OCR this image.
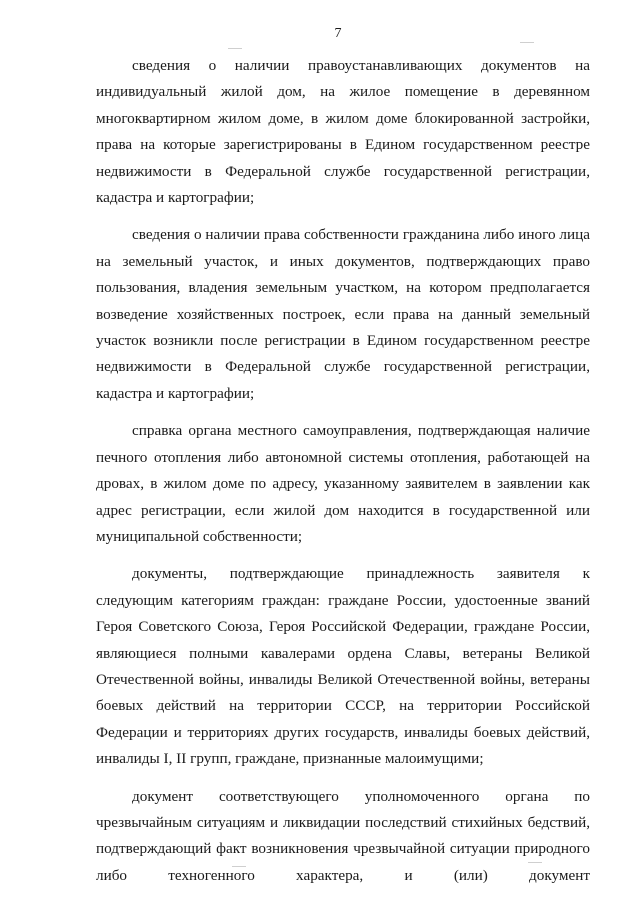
7

сведения о наличии правоустанавливающих документов на индивидуальный жилой дом, на жилое помещение в деревянном многоквартирном жилом доме, в жилом доме блокированной застройки, права на которые зарегистрированы в Едином государственном реестре недвижимости в Федеральной службе государственной регистрации, кадастра и картографии;

сведения о наличии права собственности гражданина либо иного лица на земельный участок, и иных документов, подтверждающих право пользования, владения земельным участком, на котором предполагается возведение хозяйственных построек, если права на данный земельный участок возникли после регистрации в Едином государственном реестре недвижимости в Федеральной службе государственной регистрации, кадастра и картографии;

справка органа местного самоуправления, подтверждающая наличие печного отопления либо автономной системы отопления, работающей на дровах, в жилом доме по адресу, указанному заявителем в заявлении как адрес регистрации, если жилой дом находится в государственной или муниципальной собственности;

документы, подтверждающие принадлежность заявителя к следующим категориям граждан: граждане России, удостоенные званий Героя Советского Союза, Героя Российской Федерации, граждане России, являющиеся полными кавалерами ордена Славы, ветераны Великой Отечественной войны, инвалиды Великой Отечественной войны, ветераны боевых действий на территории СССР, на территории Российской Федерации и территориях других государств, инвалиды боевых действий, инвалиды I, II групп, граждане, признанные малоимущими;

документ соответствующего уполномоченного органа по чрезвычайным ситуациям и ликвидации последствий стихийных бедствий, подтверждающий факт возникновения чрезвычайной ситуации природного либо техногенного характера, и (или) документ
